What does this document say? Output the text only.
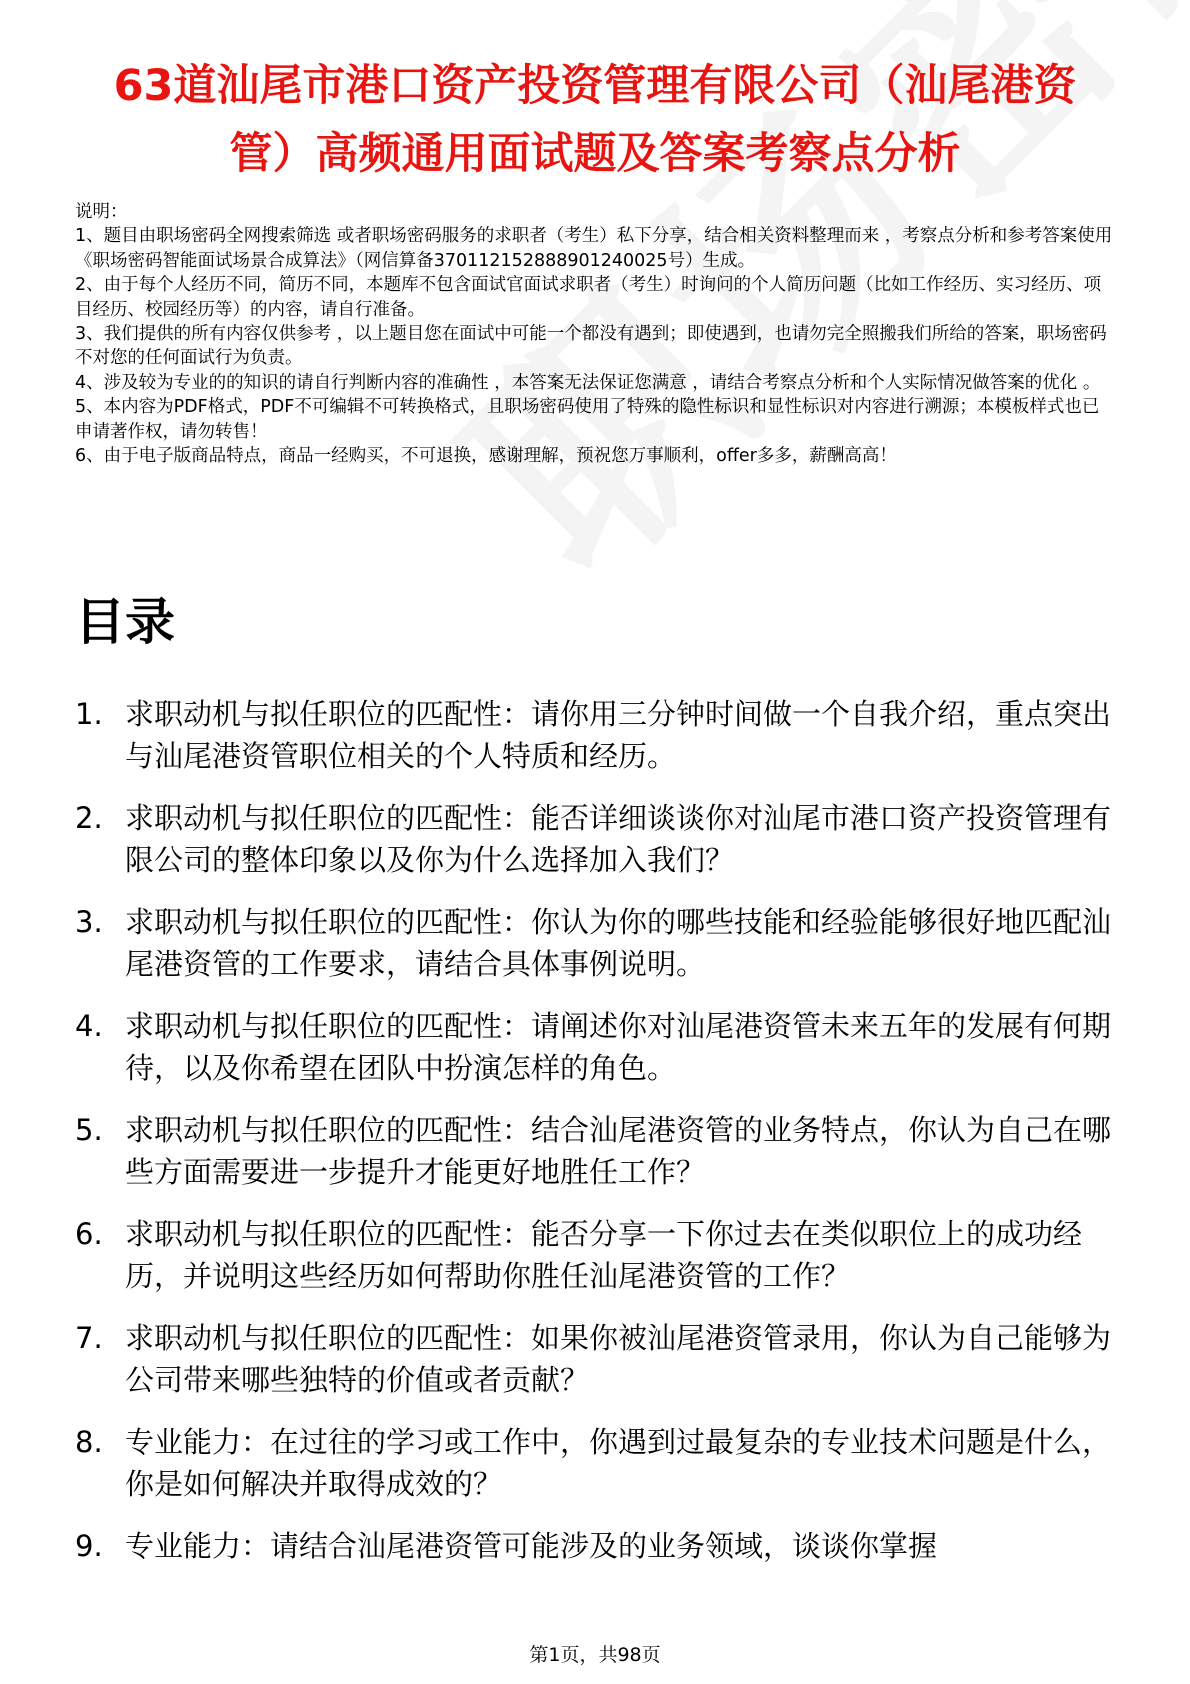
63道汕尾市港口资产投资管理有限公司（汕尾港资管）高频通用面试题及答案考察点分析

说明：

1、题目由职场密码全网搜索筛选 或者职场密码服务的求职者（考生）私下分享，结合相关资料整理而来 ，考察点分析和参考答案使用《职场密码智能面试场景合成算法》（网信算备370112152888901240025号）生成。

2、由于每个人经历不同，简历不同，本题库不包含面试官面试求职者（考生）时询问的个人简历问题（比如工作经历、实习经历、项目经历、校园经历等）的内容，请自行准备。

3、我们提供的所有内容仅供参考 ，以上题目您在面试中可能一个都没有遇到；即使遇到，也请勿完全照搬我们所给的答案，职场密码不对您的任何面试行为负责。

4、涉及较为专业的的知识的请自行判断内容的准确性 ，本答案无法保证您满意 ，请结合考察点分析和个人实际情况做答案的优化 。

5、本内容为PDF格式，PDF不可编辑不可转换格式，且职场密码使用了特殊的隐性标识和显性标识对内容进行溯源；本模板样式也已申请著作权，请勿转售！

6、由于电子版商品特点，商品一经购买，不可退换，感谢理解，预祝您万事顺利，offer多多，薪酬高高！

目录
1. 求职动机与拟任职位的匹配性：请你用三分钟时间做一个自我介绍，重点突出与汕尾港资管职位相关的个人特质和经历。
2. 求职动机与拟任职位的匹配性：能否详细谈谈你对汕尾市港口资产投资管理有限公司的整体印象以及你为什么选择加入我们？
3. 求职动机与拟任职位的匹配性：你认为你的哪些技能和经验能够很好地匹配汕尾港资管的工作要求，请结合具体事例说明。
4. 求职动机与拟任职位的匹配性：请阐述你对汕尾港资管未来五年的发展有何期待，以及你希望在团队中扮演怎样的角色。
5. 求职动机与拟任职位的匹配性：结合汕尾港资管的业务特点，你认为自己在哪些方面需要进一步提升才能更好地胜任工作？
6. 求职动机与拟任职位的匹配性：能否分享一下你过去在类似职位上的成功经历，并说明这些经历如何帮助你胜任汕尾港资管的工作？
7. 求职动机与拟任职位的匹配性：如果你被汕尾港资管录用，你认为自己能够为公司带来哪些独特的价值或者贡献？
8. 专业能力：在过往的学习或工作中，你遇到过最复杂的专业技术问题是什么，你是如何解决并取得成效的？
9. 专业能力：请结合汕尾港资管可能涉及的业务领域，谈谈你掌握
第1页，共98页
